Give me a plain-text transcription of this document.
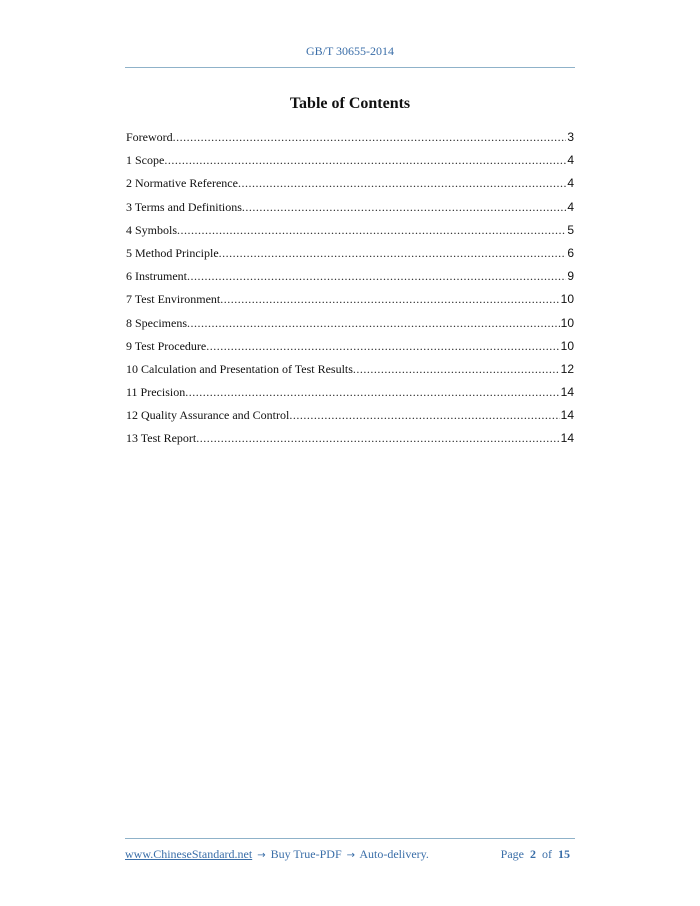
GB/T 30655-2014
Table of Contents
Foreword .....	3
1 Scope .....	4
2 Normative Reference .....	4
3 Terms and Definitions .....	4
4 Symbols .....	5
5 Method Principle .....	6
6 Instrument .....	9
7 Test Environment .....	10
8 Specimens .....	10
9 Test Procedure .....	10
10 Calculation and Presentation of Test Results .....	12
11 Precision .....	14
12 Quality Assurance and Control .....	14
13 Test Report .....	14
www.ChineseStandard.net → Buy True-PDF → Auto-delivery.	Page 2 of 15
